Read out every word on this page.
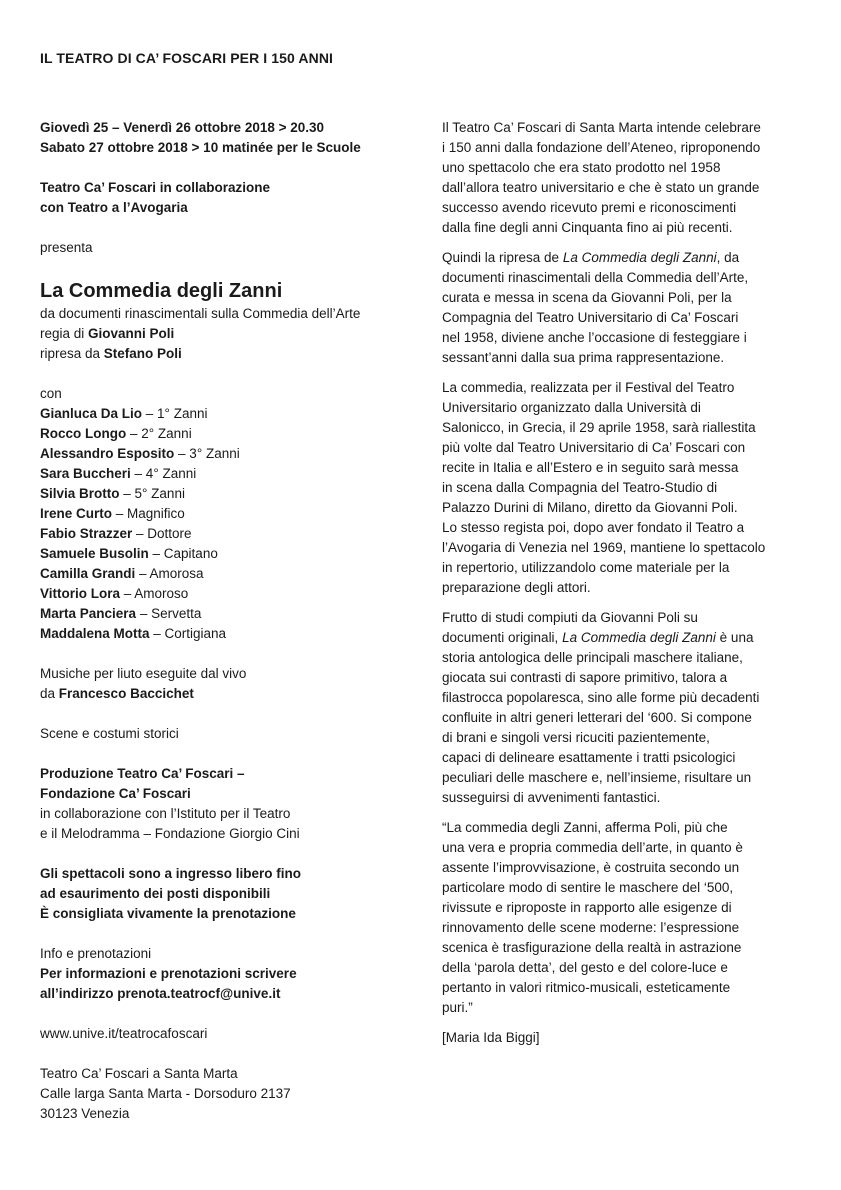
IL TEATRO DI CA’ FOSCARI PER I 150 ANNI
Giovedì 25 – Venerdì 26 ottobre 2018 > 20.30
Sabato 27 ottobre 2018 > 10 matinée per le Scuole
Teatro Ca’ Foscari in collaborazione
con Teatro a l’Avogaria
presenta
La Commedia degli Zanni
da documenti rinascimentali sulla Commedia dell’Arte
regia di Giovanni Poli
ripresa da Stefano Poli
con
Gianluca Da Lio – 1° Zanni
Rocco Longo – 2° Zanni
Alessandro Esposito – 3° Zanni
Sara Buccheri – 4° Zanni
Silvia Brotto – 5° Zanni
Irene Curto – Magnifico
Fabio Strazzer – Dottore
Samuele Busolin – Capitano
Camilla Grandi – Amorosa
Vittorio Lora – Amoroso
Marta Panciera – Servetta
Maddalena Motta – Cortigiana
Musiche per liuto eseguite dal vivo
da Francesco Baccichet
Scene e costumi storici
Produzione Teatro Ca’ Foscari –
Fondazione Ca’ Foscari
in collaborazione con l’Istituto per il Teatro
e il Melodramma – Fondazione Giorgio Cini
Gli spettacoli sono a ingresso libero fino
ad esaurimento dei posti disponibili
È consigliata vivamente la prenotazione
Info e prenotazioni
Per informazioni e prenotazioni scrivere
all’indirizzo prenota.teatrocf@unive.it
www.unive.it/teatrocafoscari
Teatro Ca’ Foscari a Santa Marta
Calle larga Santa Marta - Dorsoduro 2137
30123 Venezia
Il Teatro Ca’ Foscari di Santa Marta intende celebrare
i 150 anni dalla fondazione dell’Ateneo, riproponendo
uno spettacolo che era stato prodotto nel 1958
dall’allora teatro universitario e che è stato un grande
successo avendo ricevuto premi e riconoscimenti
dalla fine degli anni Cinquanta fino ai più recenti.
Quindi la ripresa de La Commedia degli Zanni, da
documenti rinascimentali della Commedia dell’Arte,
curata e messa in scena da Giovanni Poli, per la
Compagnia del Teatro Universitario di Ca’ Foscari
nel 1958, diviene anche l’occasione di festeggiare i
sessant’anni dalla sua prima rappresentazione.
La commedia, realizzata per il Festival del Teatro
Universitario organizzato dalla Università di
Salonicco, in Grecia, il 29 aprile 1958, sarà riallestita
più volte dal Teatro Universitario di Ca’ Foscari con
recite in Italia e all’Estero e in seguito sarà messa
in scena dalla Compagnia del Teatro-Studio di
Palazzo Durini di Milano, diretto da Giovanni Poli.
Lo stesso regista poi, dopo aver fondato il Teatro a
l’Avogaria di Venezia nel 1969, mantiene lo spettacolo
in repertorio, utilizzandolo come materiale per la
preparazione degli attori.
Frutto di studi compiuti da Giovanni Poli su
documenti originali, La Commedia degli Zanni è una
storia antologica delle principali maschere italiane,
giocata sui contrasti di sapore primitivo, talora a
filastrocca popolaresca, sino alle forme più decadenti
confluite in altri generi letterari del ‘600. Si compone
di brani e singoli versi ricuciti pazientemente,
capaci di delineare esattamente i tratti psicologici
peculiari delle maschere e, nell’insieme, risultare un
susseguirsi di avvenimenti fantastici.
“La commedia degli Zanni, afferma Poli, più che
una vera e propria commedia dell’arte, in quanto è
assente l’improvvisazione, è costruita secondo un
particolare modo di sentire le maschere del ‘500,
rivissute e riproposte in rapporto alle esigenze di
rinnovamento delle scene moderne: l’espressione
scenica è trasfigurazione della realtà in astrazione
della ‘parola detta’, del gesto e del colore-luce e
pertanto in valori ritmico-musicali, esteticamente
puri.”
[Maria Ida Biggi]
